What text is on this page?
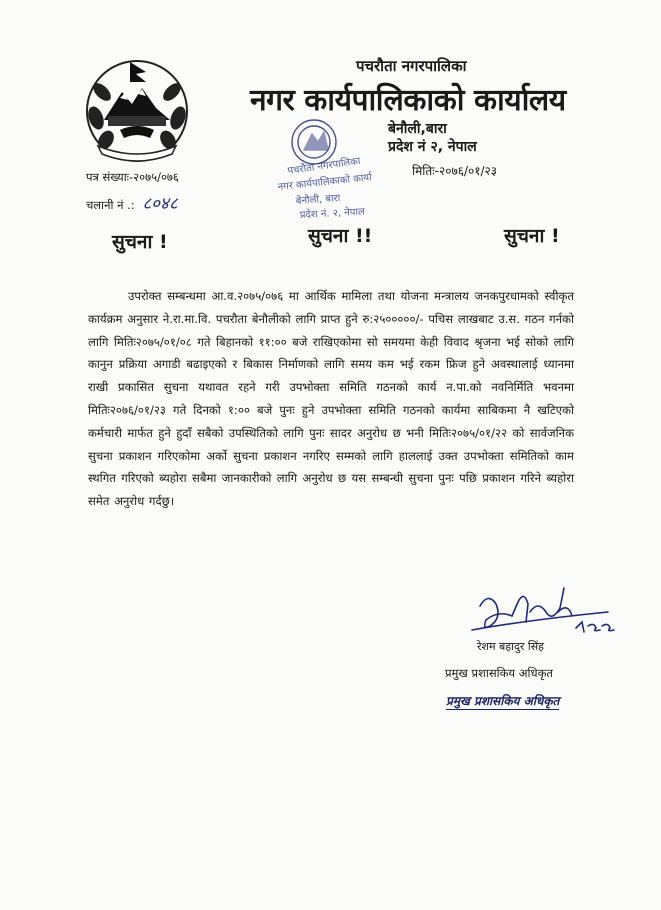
पचरौता नगरपालिका
नगर कार्यपालिकाको कार्यालय
बेनौली,बारा
प्रदेश नं २, नेपाल
मितिः-२०७६/०१/२३
पचरौता नगरपालिका
नगर कार्यपालिकाको कार्या
बेनौली, बारा
प्रदेश नं. २, नेपाल
पत्र संख्याः-२०७५/०७६
चलानी नं .: ८०४८
सुचना !	सुचना !!	सुचना !
उपरोक्त सम्बन्धमा आ.व.२०७५/०७६ मा आर्थिक मामिला तथा योजना मन्त्रालय जनकपुरधामको स्वीकृत कार्यक्रम अनुसार ने.रा.मा.वि. पचरौता बेनौलीको लागि प्राप्त हुने रु:२५०००००/- पचिस लाखबाट उ.स. गठन गर्नको लागि मितिः२०७५/०१/०८ गते बिहानको ११:०० बजे राखिएकोमा सो समयमा केही विवाद श्रृजना भई सोको लागि कानुन प्रक्रिया अगाडी बढाइएको र बिकास निर्माणको लागि समय कम भई रकम फ्रिज हुने अवस्थालाई ध्यानमा राखी प्रकासित सुचना यथावत रहने गरी उपभोक्ता समिति गठनको कार्य न.पा.को नवनिर्मिति भवनमा मितिः२०७६/०१/२३ गते दिनको १:०० बजे पुनः हुने उपभोक्ता समिति गठनको कार्यमा साबिकमा नै खटिएको कर्मचारी मार्फत हुने हुदाँ सबैको उपस्थितिको लागि पुनः सादर अनुरोध छ भनी मितिः२०७५/०१/२२ को सार्वजनिक सुचना प्रकाशन गरिएकोमा अर्को सुचना प्रकाशन नगरिए सम्मको लागि हाललाई उक्त उपभोक्ता समितिको काम स्थगित गरिएको ब्यहोरा सबैमा जानकारीको लागि अनुरोध छ यस सम्बन्धी सुचना पुनः पछि प्रकाशन गरिने ब्यहोरा समेत अनुरोध गर्दछु।
रेशम बहादुर सिंह
प्रमुख प्रशासकिय अधिकृत
प्रमुख प्रशासकिय अधिकृत
